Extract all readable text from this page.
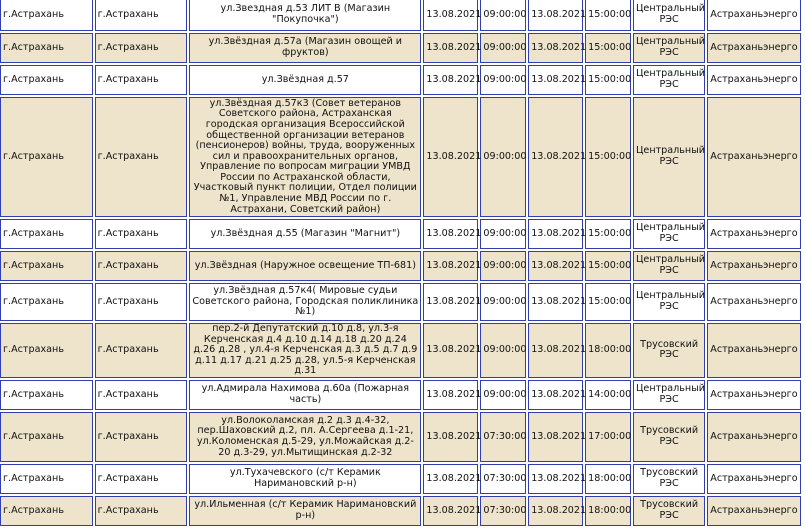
г.Астрахань	г.Астрахань	ул.Звездная д.53 ЛИТ В (Магазин "Покупочка")	13.08.2021	09:00:00	13.08.2021	15:00:00	Центральный РЭС	Астраханьэнерго
г.Астрахань	г.Астрахань	ул.Звёздная д.57а (Магазин овощей и фруктов)	13.08.2021	09:00:00	13.08.2021	15:00:00	Центральный РЭС	Астраханьэнерго
г.Астрахань	г.Астрахань	ул.Звёздная д.57	13.08.2021	09:00:00	13.08.2021	15:00:00	Центральный РЭС	Астраханьэнерго
г.Астрахань	г.Астрахань	ул.Звёздная д.57к3 (Совет ветеранов Советского района, Астраханская городская организация Всероссийской общественной организации ветеранов (пенсионеров) войны, труда, вооруженных сил и правоохранительных органов, Управление по вопросам миграции УМВД России по Астраханской области, Участковый пункт полиции, Отдел полиции №1, Управление МВД России по г. Астрахани, Советский район)	13.08.2021	09:00:00	13.08.2021	15:00:00	Центральный РЭС	Астраханьэнерго
г.Астрахань	г.Астрахань	ул.Звёздная д.55 (Магазин "Магнит")	13.08.2021	09:00:00	13.08.2021	15:00:00	Центральный РЭС	Астраханьэнерго
г.Астрахань	г.Астрахань	ул.Звёздная (Наружное освещение ТП-681)	13.08.2021	09:00:00	13.08.2021	15:00:00	Центральный РЭС	Астраханьэнерго
г.Астрахань	г.Астрахань	ул.Звёздная д.57к4( Мировые судьи Советского района, Городская поликлиника №1)	13.08.2021	09:00:00	13.08.2021	15:00:00	Центральный РЭС	Астраханьэнерго
г.Астрахань	г.Астрахань	пер.2-й Депутатский д.10 д.8, ул.3-я Керченская д.4 д.10 д.14 д.18 д.20 д.24 д.26 д.28 , ул.4-я Керченская д.3 д.5 д.7 д.9 д.11 д.17 д.21 д.25 д.28, ул.5-я Керченская д.31	13.08.2021	09:00:00	13.08.2021	18:00:00	Трусовский РЭС	Астраханьэнерго
г.Астрахань	г.Астрахань	ул.Адмирала Нахимова д.60а (Пожарная часть)	13.08.2021	09:00:00	13.08.2021	14:00:00	Центральный РЭС	Астраханьэнерго
г.Астрахань	г.Астрахань	ул.Волоколамская д.2 д.3 д.4-32, пер.Шаховский д.2, пл. А.Сергеева д.1-21, ул.Коломенская д.5-29, ул.Можайская д.2-20 д.3-29, ул.Мытищинская д.2-32	13.08.2021	07:30:00	13.08.2021	17:00:00	Трусовский РЭС	Астраханьэнерго
г.Астрахань	г.Астрахань	ул.Тухачевского (с/т Керамик Наримановский р-н)	13.08.2021	07:30:00	13.08.2021	18:00:00	Трусовский РЭС	Астраханьэнерго
г.Астрахань	г.Астрахань	ул.Ильменная (с/т Керамик Наримановский р-н)	13.08.2021	07:30:00	13.08.2021	18:00:00	Трусовский РЭС	Астраханьэнерго
